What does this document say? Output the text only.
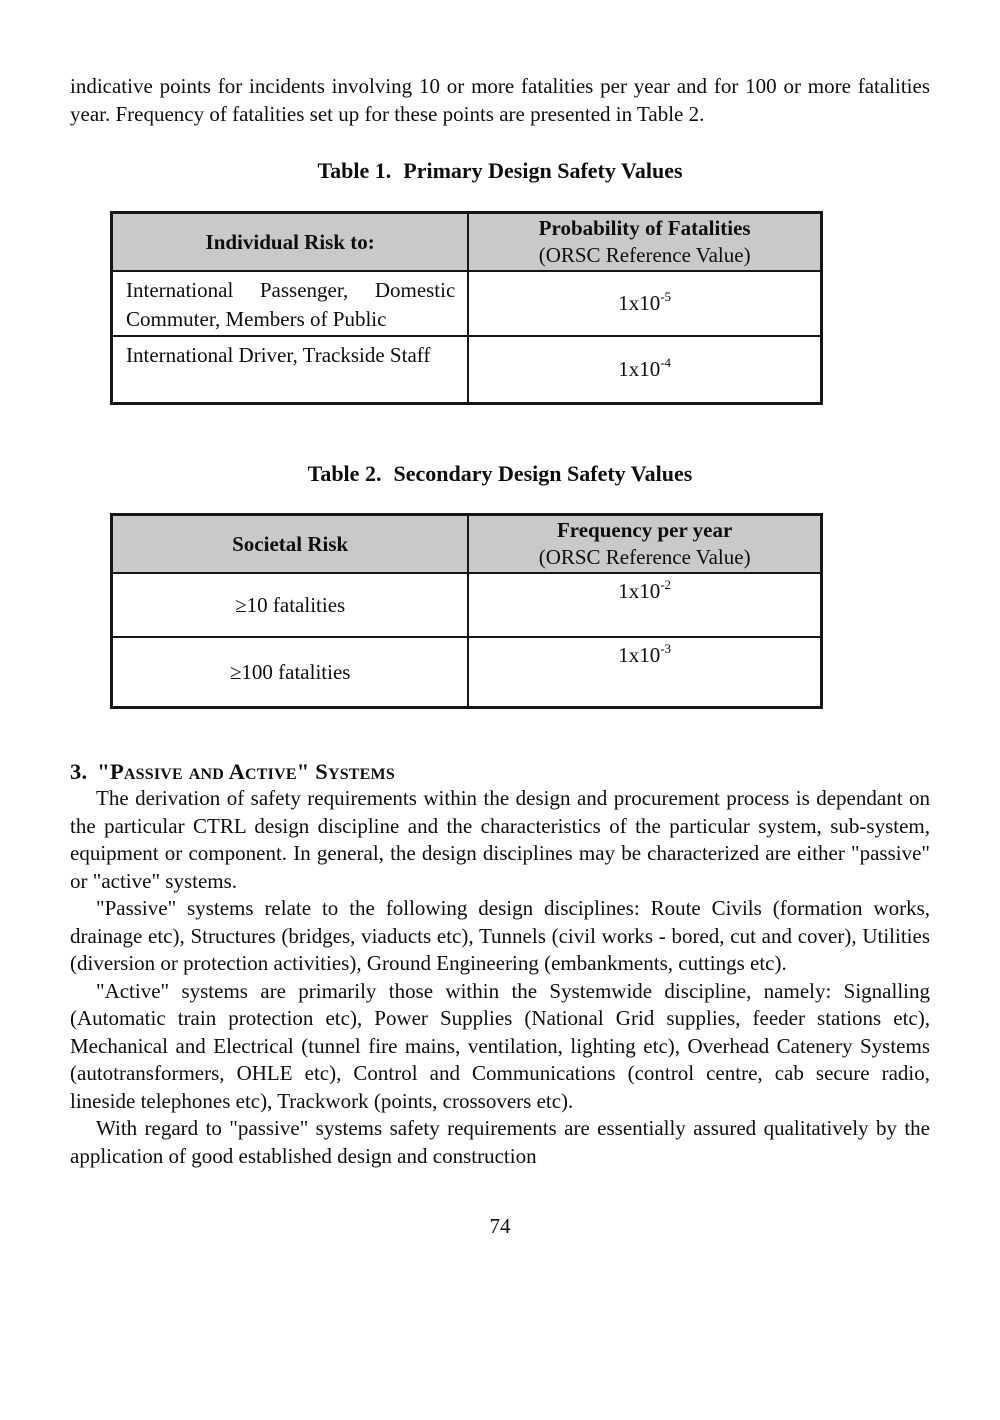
indicative points for incidents involving 10 or more fatalities per year and for 100 or more fatalities year. Frequency of fatalities set up for these points are presented in Table 2.

Table 1. Primary Design Safety Values

Individual Risk to:
Probability of Fatalities
(ORSC Reference Value)
International Passenger, Domestic Commuter, Members of Public
$1x10^{-5}$
International Driver, Trackside Staff
$1x10^{-4}$

Table 2. Secondary Design Safety Values

Societal Risk
Frequency per year
(ORSC Reference Value)
≥10 fatalities
$1x10^{-2}$
≥100 fatalities
$1x10^{-3}$
3. "Passive and Active" Systems

The derivation of safety requirements within the design and procurement process is dependant on the particular CTRL design discipline and the characteristics of the particular system, sub-system, equipment or component. In general, the design disciplines may be characterized are either "passive" or "active" systems.

"Passive" systems relate to the following design disciplines: Route Civils (formation works, drainage etc), Structures (bridges, viaducts etc), Tunnels (civil works - bored, cut and cover), Utilities (diversion or protection activities), Ground Engineering (embankments, cuttings etc).

"Active" systems are primarily those within the Systemwide discipline, namely: Signalling (Automatic train protection etc), Power Supplies (National Grid supplies, feeder stations etc), Mechanical and Electrical (tunnel fire mains, ventilation, lighting etc), Overhead Catenery Systems (autotransformers, OHLE etc), Control and Communications (control centre, cab secure radio, lineside telephones etc), Trackwork (points, crossovers etc).

With regard to "passive" systems safety requirements are essentially assured qualitatively by the application of good established design and construction

74
